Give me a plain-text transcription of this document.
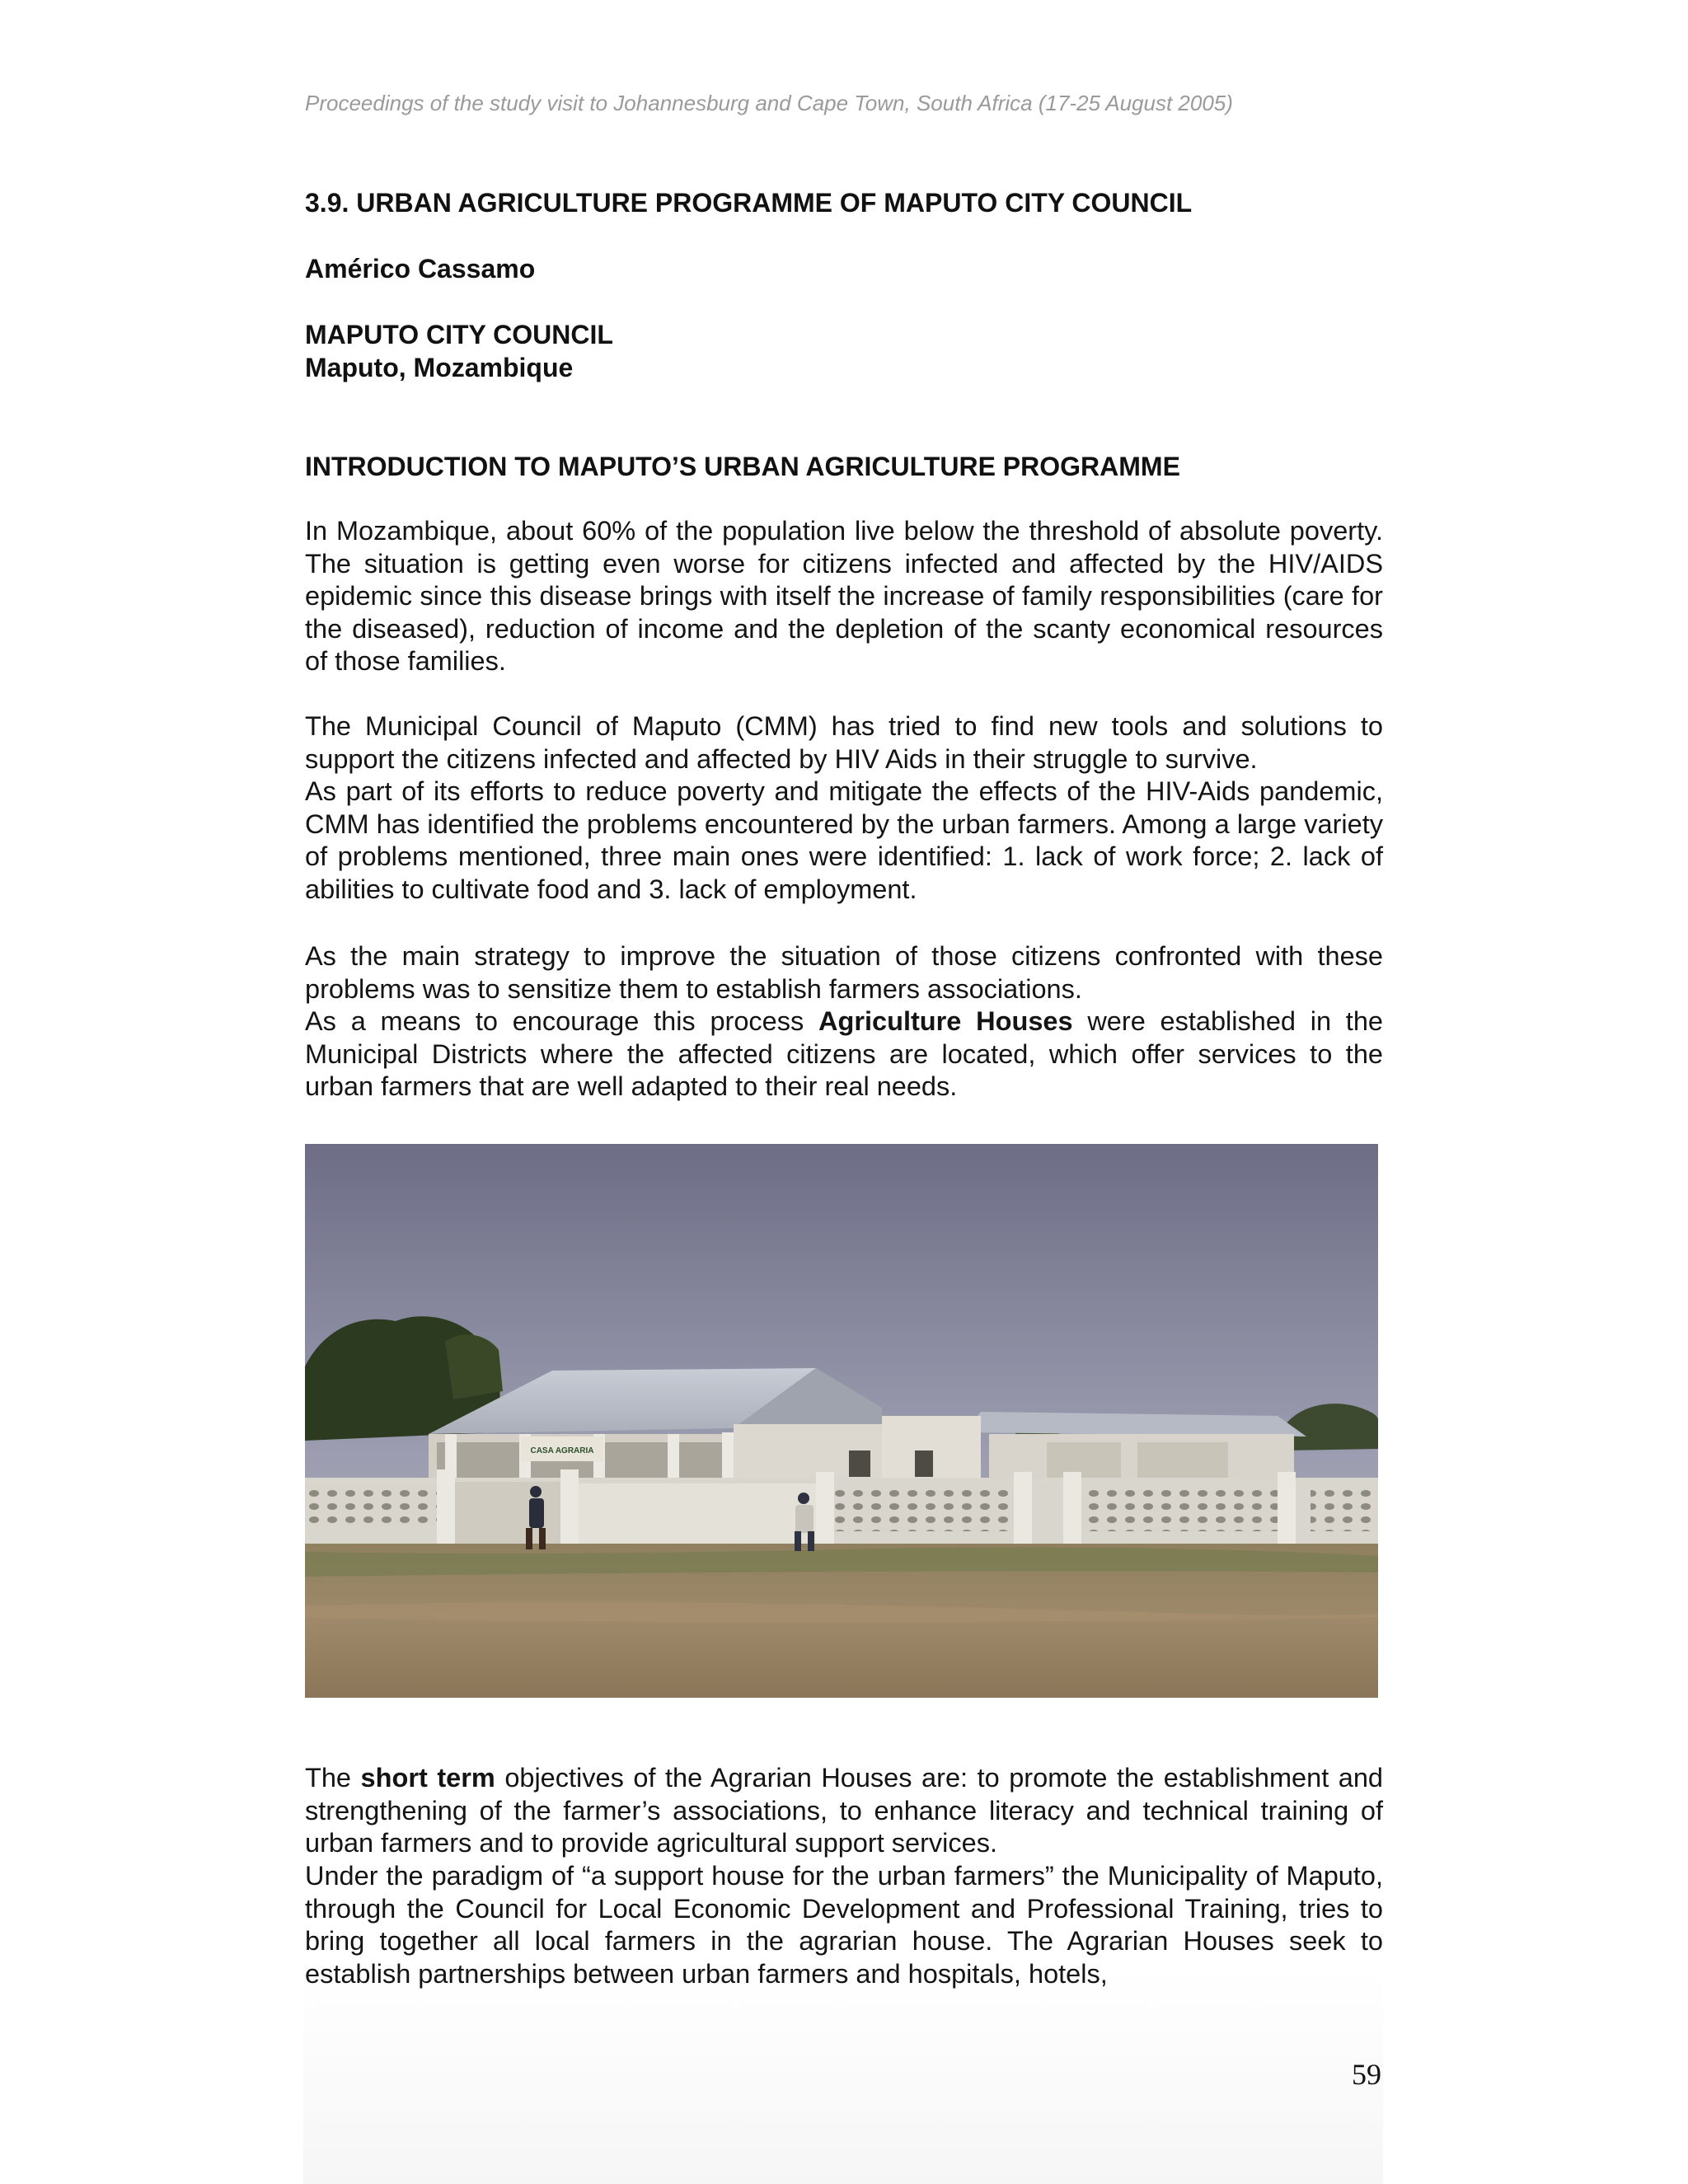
Proceedings of the study visit to Johannesburg and Cape Town, South Africa (17-25 August 2005)
3.9. URBAN AGRICULTURE PROGRAMME OF MAPUTO CITY COUNCIL
Américo Cassamo
MAPUTO CITY COUNCIL
Maputo, Mozambique
INTRODUCTION TO MAPUTO’S URBAN AGRICULTURE PROGRAMME
In Mozambique, about 60% of the population live below the threshold of absolute poverty. The situation is getting even worse for citizens infected and affected by the HIV/AIDS epidemic since this disease brings with itself the increase of family responsibilities (care for the diseased), reduction of income and the depletion of the scanty economical resources of those families.
The Municipal Council of Maputo (CMM) has tried to find new tools and solutions to support the citizens infected and affected by HIV Aids in their struggle to survive.
As part of its efforts to reduce poverty and mitigate the effects of the HIV-Aids pandemic, CMM has identified the problems encountered by the urban farmers. Among a large variety of problems mentioned, three main ones were identified: 1. lack of work force; 2. lack of abilities to cultivate food and 3. lack of employment.
As the main strategy to improve the situation of those citizens confronted with these problems was to sensitize them to establish farmers associations.
As a means to encourage this process Agriculture Houses were established in the Municipal Districts where the affected citizens are located, which offer services to the urban farmers that are well adapted to their real needs.
CASA AGRARIA
The short term objectives of the Agrarian Houses are: to promote the establishment and strengthening of the farmer’s associations, to enhance literacy and technical training of urban farmers and to provide agricultural support services.
Under the paradigm of “a support house for the urban farmers” the Municipality of Maputo, through the Council for Local Economic Development and Professional Training, tries to bring together all local farmers in the agrarian house. The Agrarian Houses seek to establish partnerships between urban farmers and hospitals, hotels,
59
